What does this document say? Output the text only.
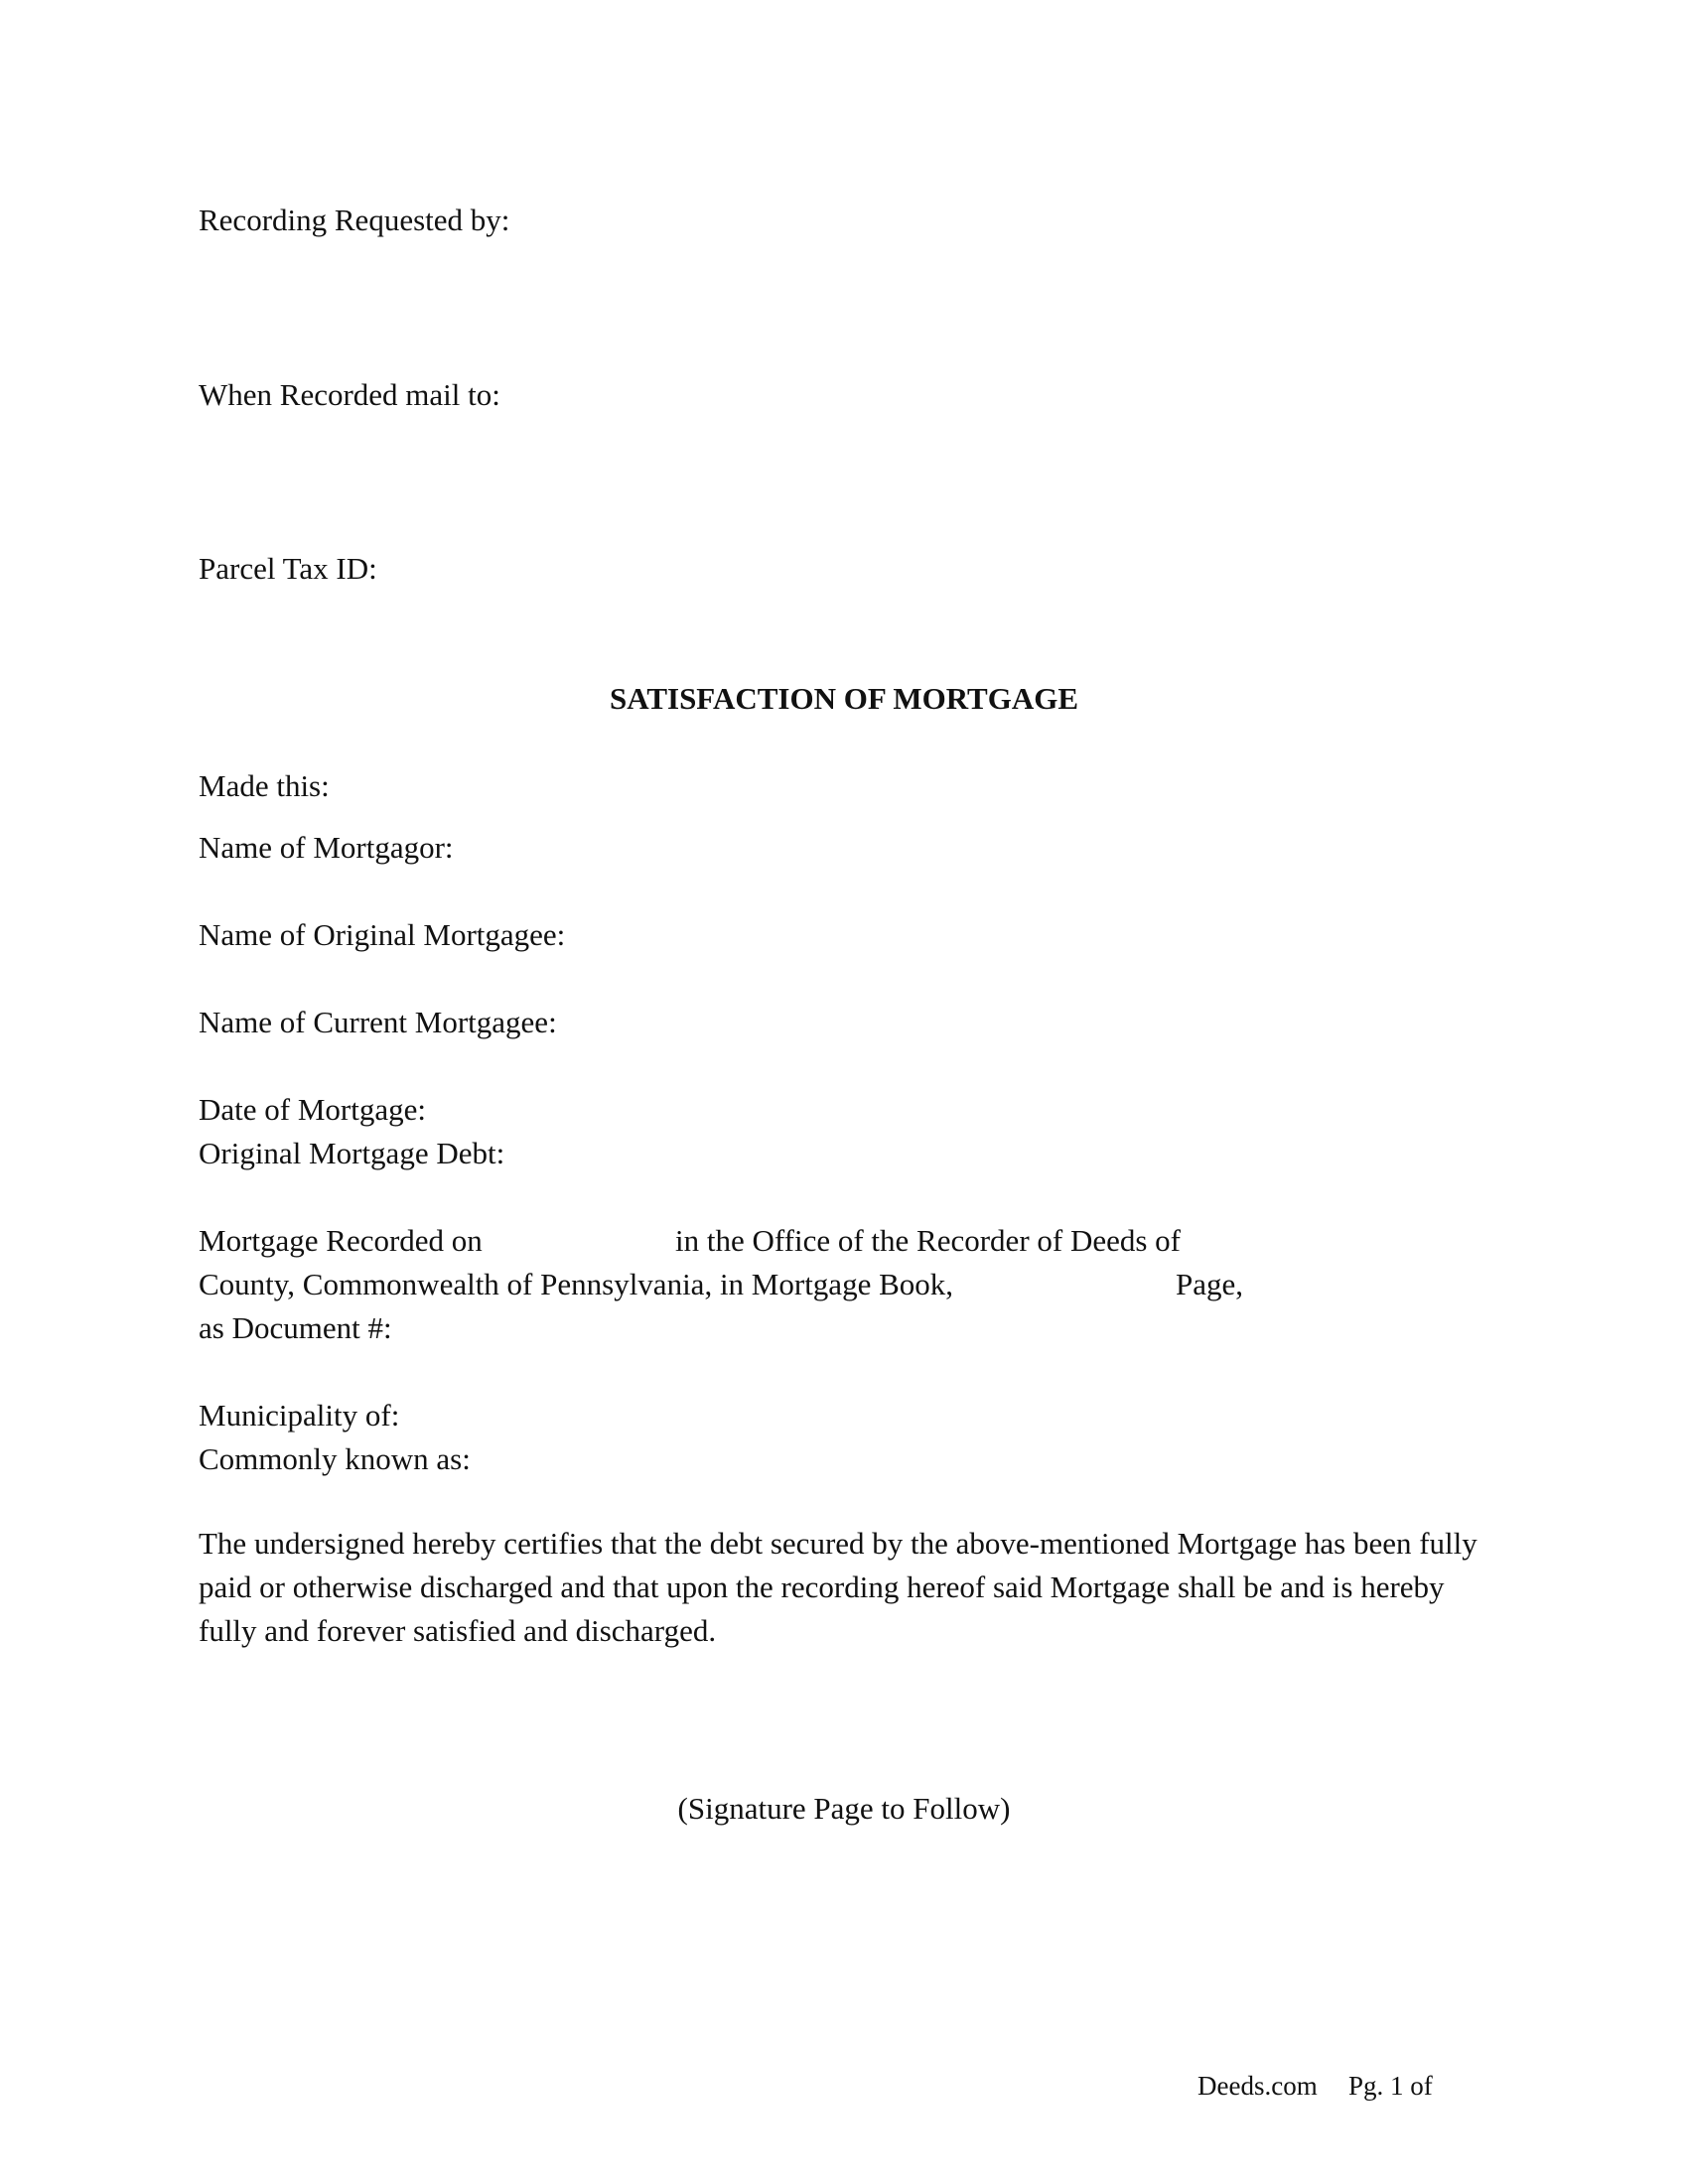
Recording Requested by:

When Recorded mail to:

Parcel Tax ID:

SATISFACTION OF MORTGAGE

Made this:

Name of Mortgagor:

Name of Original Mortgagee:

Name of Current Mortgagee:

Date of Mortgage:

Original Mortgage Debt:

Mortgage Recorded on	in the Office of the Recorder of Deeds of

County, Commonwealth of Pennsylvania, in Mortgage Book,	Page,

as Document #:

Municipality of:

Commonly known as:

The undersigned hereby certifies that the debt secured by the above-mentioned Mortgage has been fully paid or otherwise discharged and that upon the recording hereof said Mortgage shall be and is hereby fully and forever satisfied and discharged.

(Signature Page to Follow)

Deeds.com Pg. 1 of
